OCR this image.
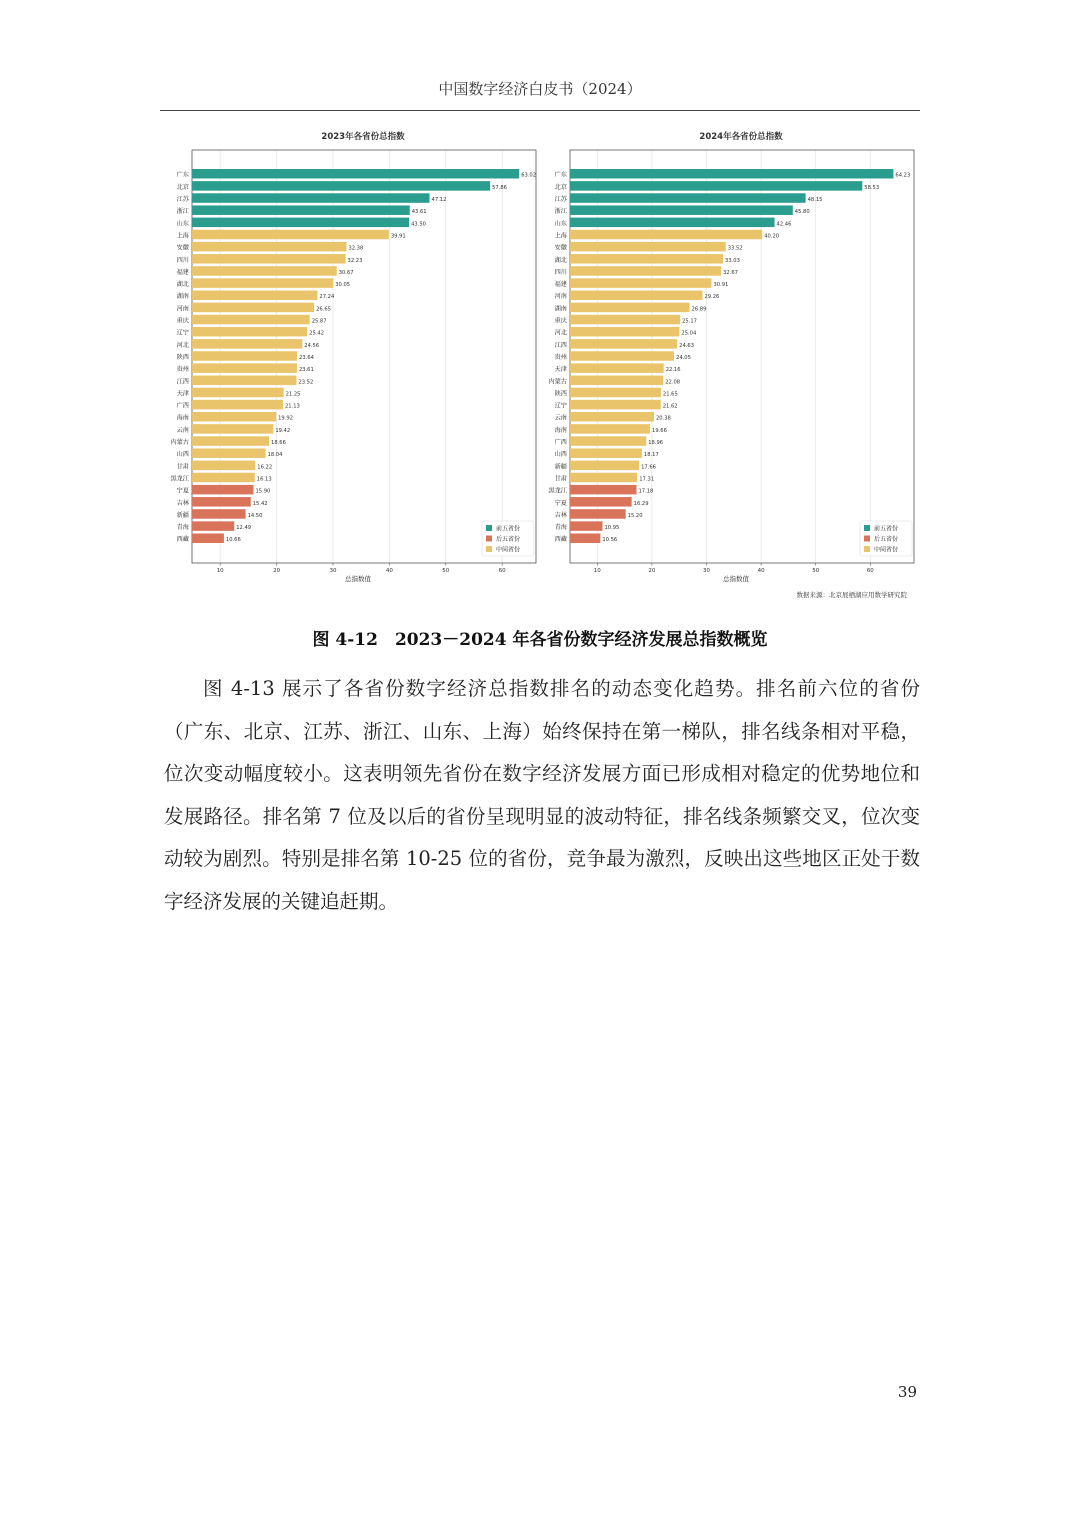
中国数字经济白皮书（2024）
2023年各省份总指数	2024年各省份总指数
广东	63.02
北京	57.86
江苏	47.12
浙江	43.61
山东	43.50
上海	39.91
安徽	32.38
四川	32.23
福建	30.67
湖北	30.05
湖南	27.24
河南	26.65
重庆	25.87
辽宁	25.42
河北	24.56
陕西	23.64
贵州	23.61
江西	23.52
天津	21.25
广西	21.13
海南	19.92
云南	19.42
内蒙古	18.66
山西	18.04
甘肃	16.22
黑龙江	16.13
宁夏	15.90
吉林	15.42
新疆	14.50
青海	12.49
西藏	10.66
10	20	30	40	50	60
总指数值
前五省份
后五省份
中间省份
广东	64.23
北京	58.53
江苏	48.15
浙江	45.80
山东	42.46
上海	40.20
安徽	33.52
湖北	33.03
四川	32.67
福建	30.91
河南	29.26
湖南	26.89
重庆	25.17
河北	25.04
江西	24.63
贵州	24.05
天津	22.16
内蒙古	22.08
陕西	21.65
辽宁	21.62
云南	20.38
海南	19.66
广西	18.96
山西	18.17
新疆	17.66
甘肃	17.31
黑龙江	17.18
宁夏	16.29
吉林	15.20
青海	10.95
西藏	10.56
10	20	30	40	50	60
总指数值
前五省份
后五省份
中间省份
数据来源：北京展栖湖应用数学研究院
图 4-12　2023－2024 年各省份数字经济发展总指数概览
图 4-13 展示了各省份数字经济总指数排名的动态变化趋势。排名前六位的省份（广东、北京、江苏、浙江、山东、上海）始终保持在第一梯队，排名线条相对平稳，位次变动幅度较小。这表明领先省份在数字经济发展方面已形成相对稳定的优势地位和发展路径。排名第 7 位及以后的省份呈现明显的波动特征，排名线条频繁交叉，位次变动较为剧烈。特别是排名第 10-25 位的省份，竞争最为激烈，反映出这些地区正处于数字经济发展的关键追赶期。
39
